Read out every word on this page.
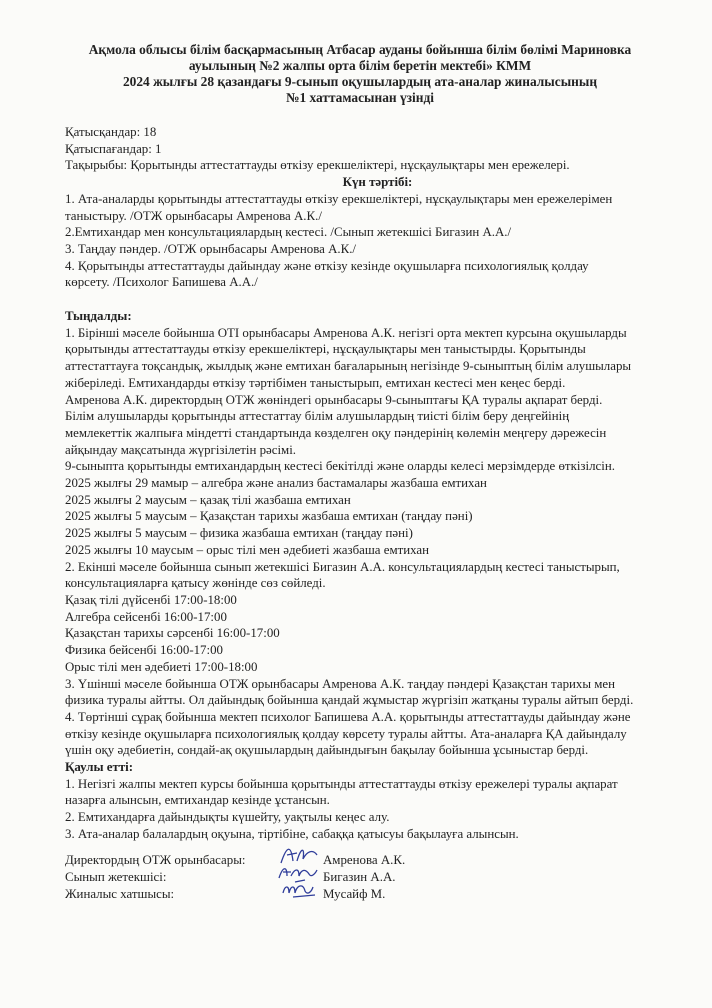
Ақмола облысы білім басқармасының Атбасар ауданы бойынша білім бөлімі Мариновка
ауылының №2 жалпы орта білім беретін мектебі» КММ
2024 жылғы 28 қазандағы 9-сынып оқушылардың ата-аналар жиналысының
№1 хаттамасынан үзінді

Қатысқандар: 18

Қатыспағандар: 1

Тақырыбы: Қорытынды аттестаттауды өткізу ерекшеліктері, нұсқаулықтары мен ережелері.

Күн тәртібі:

1. Ата-аналарды қорытынды аттестаттауды өткізу ерекшеліктері, нұсқаулықтары мен ережелерімен

таныстыру. /ОТЖ орынбасары Амренова А.К./

2.Емтихандар мен консультациялардың кестесі. /Сынып жетекшісі Бигазин А.А./

3. Таңдау пәндер. /ОТЖ орынбасары Амренова А.К./

4. Қорытынды аттестаттауды дайындау және өткізу кезінде оқушыларға психологиялық қолдау

көрсету. /Психолог Бапишева А.А./

Тыңдалды:

1. Бірінші мәселе бойынша ОТІ орынбасары Амренова А.К. негізгі орта мектеп курсына оқушыларды

қорытынды аттестаттауды өткізу ерекшеліктері, нұсқаулықтары мен таныстырды. Қорытынды

аттестаттауға тоқсандық, жылдық және емтихан бағаларының негізінде 9-сыныптың білім алушылары

жіберіледі. Емтихандарды өткізу тәртібімен таныстырып, емтихан кестесі мен кеңес берді.

Амренова А.К. директордың ОТЖ жөніндегі орынбасары 9-сыныптағы ҚА туралы ақпарат берді.

Білім алушыларды қорытынды аттестаттау білім алушылардың тиісті білім беру деңгейінің

мемлекеттік жалпыға міндетті стандартында көзделген оқу пәндерінің көлемін меңгеру дәрежесін

айқындау мақсатында жүргізілетін рәсімі.

9-сыныпта қорытынды емтихандардың кестесі бекітілді және оларды келесі мерзімдерде өткізілсін.

2025 жылғы 29 мамыр – алгебра және анализ бастамалары жазбаша емтихан

2025 жылғы 2 маусым – қазақ тілі жазбаша емтихан

2025 жылғы 5 маусым – Қазақстан тарихы жазбаша емтихан (таңдау пәні)

2025 жылғы 5 маусым – физика жазбаша емтихан (таңдау пәні)

2025 жылғы 10 маусым – орыс тілі мен әдебиеті жазбаша емтихан

2. Екінші мәселе бойынша сынып жетекшісі Бигазин А.А. консультациялардың кестесі таныстырып,

консультацияларға қатысу жөнінде сөз сөйледі.

Қазақ тілі дүйсенбі 17:00-18:00

Алгебра сейсенбі 16:00-17:00

Қазақстан тарихы сәрсенбі 16:00-17:00

Физика бейсенбі 16:00-17:00

Орыс тілі мен әдебиеті 17:00-18:00

3. Үшінші мәселе бойынша ОТЖ орынбасары Амренова А.К. таңдау пәндері Қазақстан тарихы мен

физика туралы айтты. Ол дайындық бойынша қандай жұмыстар жүргізіп жатқаны туралы айтып берді.

4. Төртінші сұрақ бойынша мектеп психолог Бапишева А.А. қорытынды аттестаттауды дайындау және

өткізу кезінде оқушыларға психологиялық қолдау көрсету туралы айтты. Ата-аналарға ҚА дайындалу

үшін оқу әдебиетін, сондай-ақ оқушылардың дайындығын бақылау бойынша ұсыныстар берді.

Қаулы етті:

1. Негізгі жалпы мектеп курсы бойынша қорытынды аттестаттауды өткізу ережелері туралы ақпарат

назарға алынсын, емтихандар кезінде ұстансын.

2. Емтихандарға дайындықты күшейту, уақтылы кеңес алу.

3. Ата-аналар балалардың оқуына, тіртібіне, сабаққа қатысуы бақылауға алынсын.

Директордың ОТЖ орынбасары:	Амренова А.К.
Сынып жетекшісі:	Бигазин А.А.
Жиналыс хатшысы:	Мусайф М.
